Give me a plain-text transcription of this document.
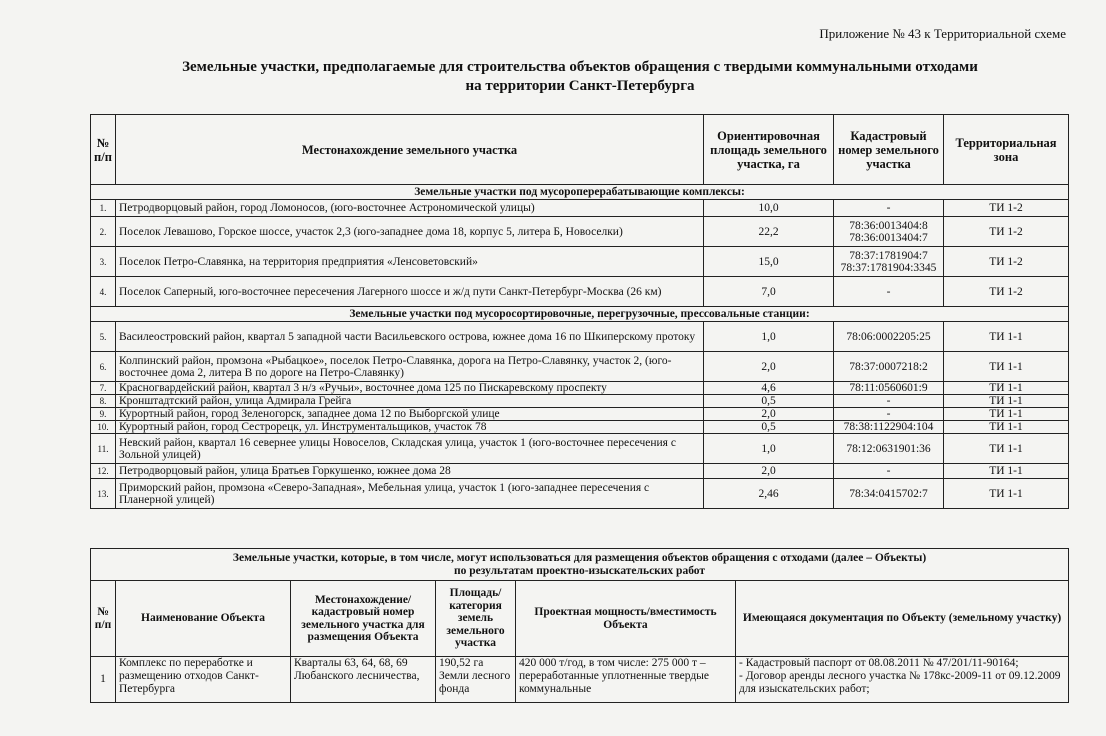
Приложение № 43 к Территориальной схеме
Земельные участки, предполагаемые для строительства объектов обращения с твердыми коммунальными отходами
на территории Санкт-Петербурга
№ п/п	Местонахождение земельного участка	Ориентировочная площадь земельного участка, га	Кадастровый номер земельного участка	Территориальная зона
Земельные участки под мусороперерабатывающие комплексы:				
1.	Петродворцовый район, город Ломоносов, (юго-восточнее Астрономической улицы)	10,0	-	ТИ 1-2
2.	Поселок Левашово, Горское шоссе, участок 2,3 (юго-западнее дома 18, корпус 5, литера Б, Новоселки)	22,2	78:36:0013404:8 78:36:0013404:7	ТИ 1-2
3.	Поселок Петро-Славянка, на территория предприятия «Ленсоветовский»	15,0	78:37:1781904:7 78:37:1781904:3345	ТИ 1-2
4.	Поселок Саперный, юго-восточнее пересечения Лагерного шоссе и ж/д пути Санкт-Петербург-Москва (26 км)	7,0	-	ТИ 1-2
Земельные участки под мусоросортировочные, перегрузочные, прессовальные станции:				
5.	Василеостровский район, квартал 5 западной части Васильевского острова, южнее дома 16 по Шкиперскому протоку	1,0	78:06:0002205:25	ТИ 1-1
6.	Колпинский район, промзона «Рыбацкое», поселок Петро-Славянка, дорога на Петро-Славянку, участок 2, (юго-восточнее дома 2, литера В по дороге на Петро-Славянку)	2,0	78:37:0007218:2	ТИ 1-1
7.	Красногвардейский район, квартал 3 н/з «Ручьи», восточнее дома 125 по Пискаревскому проспекту	4,6	78:11:0560601:9	ТИ 1-1
8.	Кронштадтский район, улица Адмирала Грейга	0,5	-	ТИ 1-1
9.	Курортный район, город Зеленогорск, западнее дома 12 по Выборгской улице	2,0	-	ТИ 1-1
10.	Курортный район, город Сестрорецк, ул. Инструментальщиков, участок 78	0,5	78:38:1122904:104	ТИ 1-1
11.	Невский район, квартал 16 севернее улицы Новоселов, Складская улица, участок 1 (юго-восточнее пересечения с Зольной улицей)	1,0	78:12:0631901:36	ТИ 1-1
12.	Петродворцовый район, улица Братьев Горкушенко, южнее дома 28	2,0	-	ТИ 1-1
13.	Приморский район, промзона «Северо-Западная», Мебельная улица, участок 1 (юго-западнее пересечения с Планерной улицей)	2,46	78:34:0415702:7	ТИ 1-1
Земельные участки, которые, в том числе, могут использоваться для размещения объектов обращения с отходами (далее – Объекты)
по результатам проектно-изыскательских работ					

№ п/п	Наименование Объекта	Местонахождение/ кадастровый номер земельного участка для размещения Объекта	Площадь/ категория земель земельного участка	Проектная мощность/вместимость Объекта	Имеющаяся документация по Объекту (земельному участку)
1	Комплекс по переработке и размещению отходов Санкт-Петербурга	Кварталы 63, 64, 68, 69 Любанского лесничества,	190,52 га Земли лесного фонда	420 000 т/год, в том числе: 275 000 т – переработанные уплотненные твердые коммунальные	- Кадастровый паспорт от 08.08.2011 № 47/201/11-90164;
- Договор аренды лесного участка № 178кс-2009-11 от 09.12.2009 для изыскательских работ;
